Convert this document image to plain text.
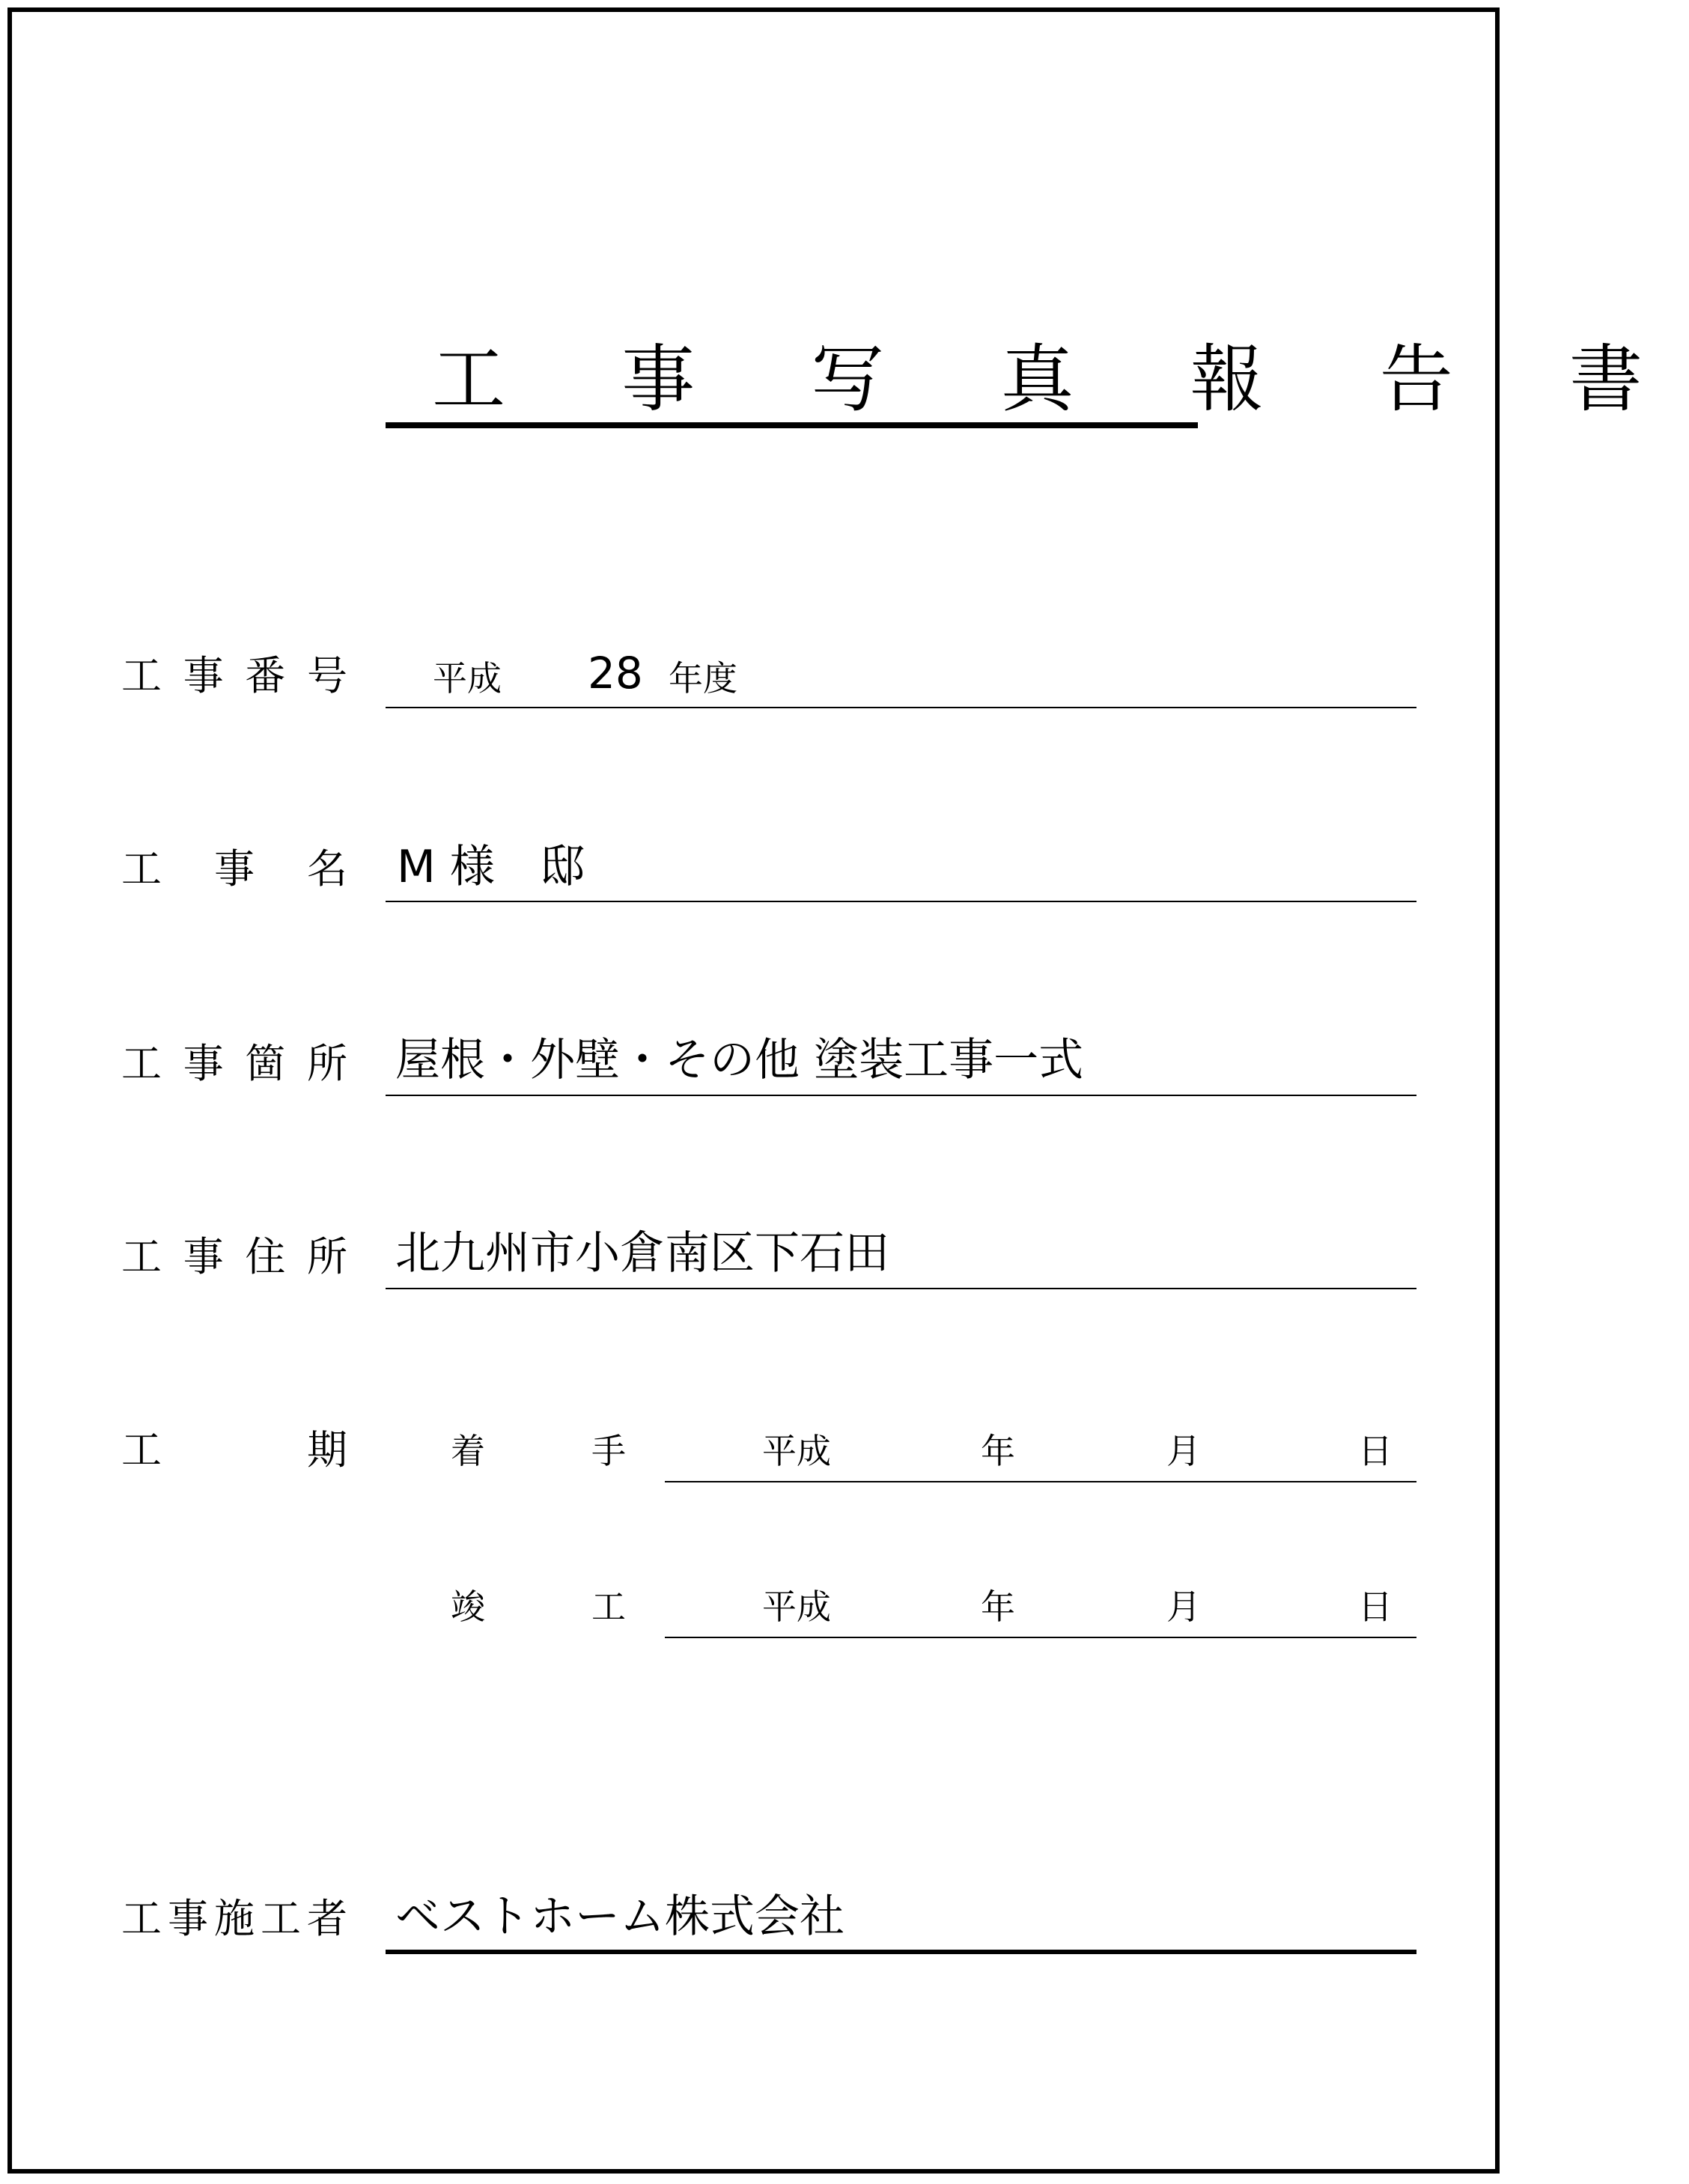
工 事 写 真 報 告 書
工 事 番 号 平成 28 年度
工 事 名 M 様　邸
工 事 箇 所 屋根・外壁・その他 塗装工事一式
工 事 住 所 北九州市小倉南区下石田
工	期	着	手	平成	年	月	日
竣	工	平成	年	月	日
工 事 施 工 者 ベストホーム株式会社
